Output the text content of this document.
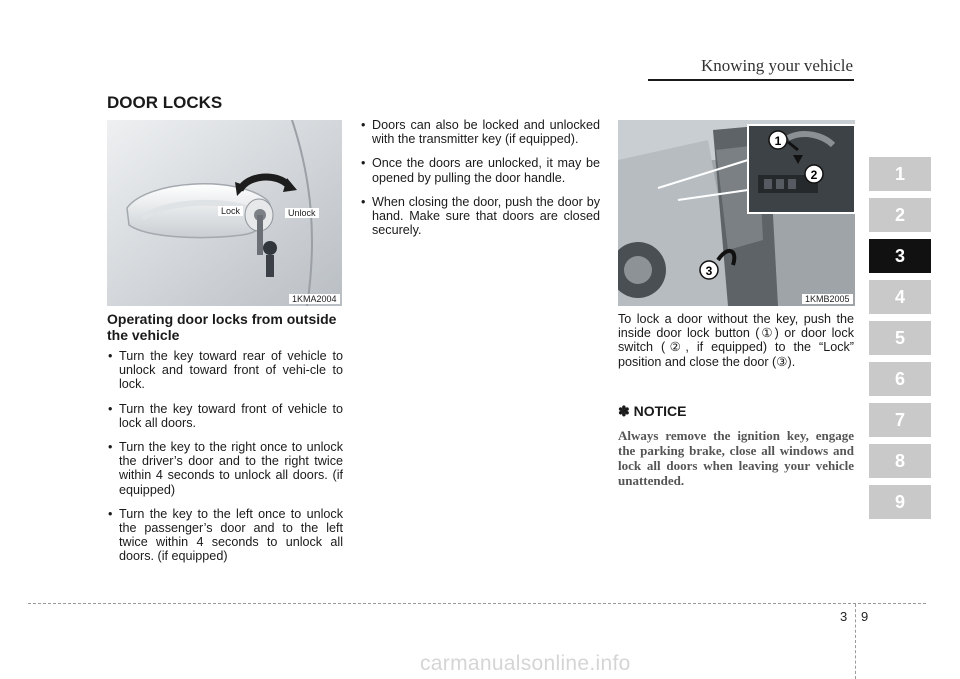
Knowing your vehicle
DOOR LOCKS
Lock	Unlock
1KMA2004
Operating door locks from outside the vehicle
• Turn the key toward rear of vehicle to unlock and toward front of vehi-cle to lock.
• Turn the key toward front of vehicle to lock all doors.
• Turn the key to the right once to unlock the driver’s door and to the right twice within 4 seconds to unlock all doors. (if equipped)
• Turn the key to the left once to unlock the passenger’s door and to the left twice within 4 seconds to unlock all doors. (if equipped)
• Doors can also be locked and unlocked with the transmitter key (if equipped).
• Once the doors are unlocked, it may be opened by pulling the door handle.
• When closing the door, push the door by hand. Make sure that doors are closed securely.
1
2
3
1KMB2005
To lock a door without the key, push the inside door lock button (①) or door lock switch (②, if equipped) to the “Lock” position and close the door (③).
✽ NOTICE
Always remove the ignition key, engage the parking brake, close all windows and lock all doors when leaving your vehicle unattended.
1
2
3
4
5
6
7
8
9
3 9
carmanualsonline.info
